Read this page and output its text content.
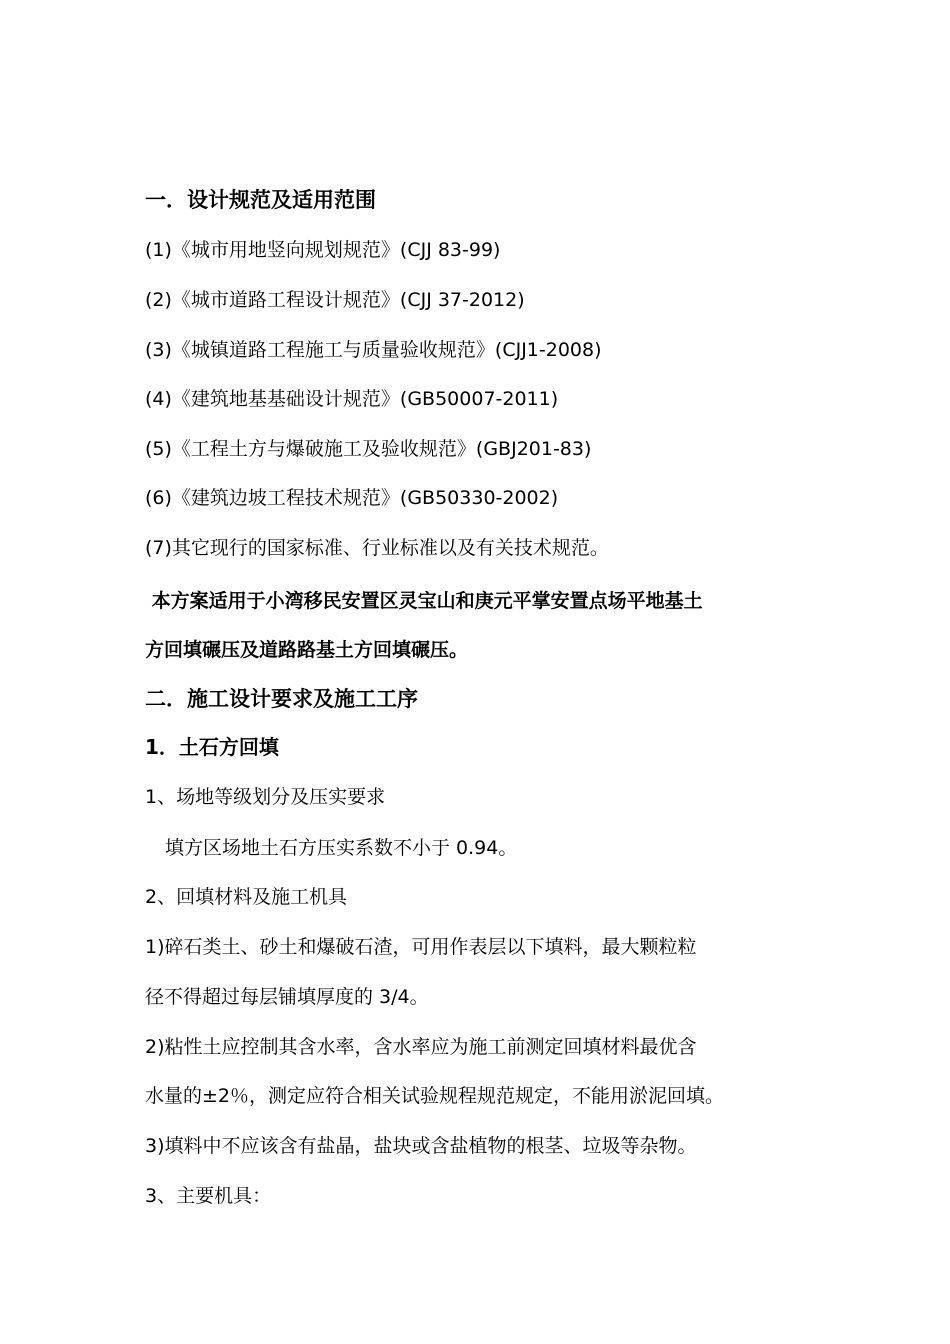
一．设计规范及适用范围
(1)《城市用地竖向规划规范》(CJJ 83-99)
(2)《城市道路工程设计规范》(CJJ 37-2012)
(3)《城镇道路工程施工与质量验收规范》(CJJ1-2008)
(4)《建筑地基基础设计规范》(GB50007-2011)
(5)《工程土方与爆破施工及验收规范》(GBJ201-83)
(6)《建筑边坡工程技术规范》(GB50330-2002)
(7)其它现行的国家标准、行业标准以及有关技术规范。
本方案适用于小湾移民安置区灵宝山和庚元平掌安置点场平地基土
方回填碾压及道路路基土方回填碾压。
二．施工设计要求及施工工序
1．土石方回填
1、场地等级划分及压实要求
填方区场地土石方压实系数不小于 0.94。
2、回填材料及施工机具
1)碎石类土、砂土和爆破石渣，可用作表层以下填料，最大颗粒粒
径不得超过每层铺填厚度的 3/4。
2)粘性土应控制其含水率，含水率应为施工前测定回填材料最优含
水量的±2％，测定应符合相关试验规程规范规定，不能用淤泥回填。
3)填料中不应该含有盐晶，盐块或含盐植物的根茎、垃圾等杂物。
3、主要机具：
